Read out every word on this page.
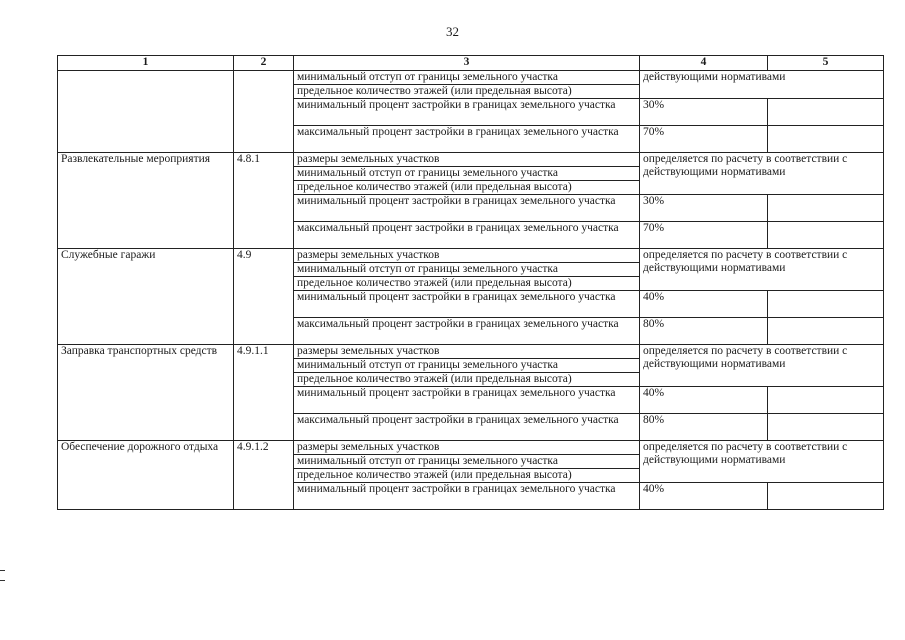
32
1	2	3	4	5
		минимальный отступ от границы земельного участка	действующими нормативами	
		предельное количество этажей (или предельная высота)		
		минимальный процент застройки в границах земельного участка	30%	
		максимальный процент застройки в границах земельного участка	70%	
Развлекательные мероприятия	4.8.1	размеры земельных участков	определяется по расчету в соответствии с действующими нормативами	
		минимальный отступ от границы земельного участка		
		предельное количество этажей (или предельная высота)		
		минимальный процент застройки в границах земельного участка	30%	
		максимальный процент застройки в границах земельного участка	70%	
Служебные гаражи	4.9	размеры земельных участков	определяется по расчету в соответствии с действующими нормативами	
		минимальный отступ от границы земельного участка		
		предельное количество этажей (или предельная высота)		
		минимальный процент застройки в границах земельного участка	40%	
		максимальный процент застройки в границах земельного участка	80%	
Заправка транспортных средств	4.9.1.1	размеры земельных участков	определяется по расчету в соответствии с действующими нормативами	
		минимальный отступ от границы земельного участка		
		предельное количество этажей (или предельная высота)		
		минимальный процент застройки в границах земельного участка	40%	
		максимальный процент застройки в границах земельного участка	80%	
Обеспечение дорожного отдыха	4.9.1.2	размеры земельных участков	определяется по расчету в соответствии с действующими нормативами	
		минимальный отступ от границы земельного участка		
		предельное количество этажей (или предельная высота)		
		минимальный процент застройки в границах земельного участка	40%	
